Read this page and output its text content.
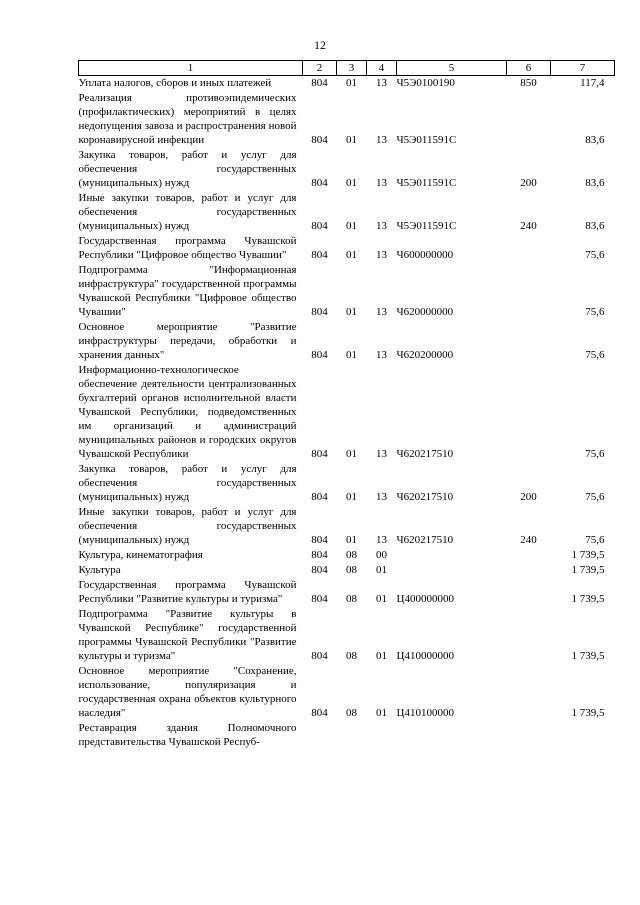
12
1	2	3	4	5	6	7
Уплата налогов, сборов и иных платежей	804	01	13	Ч5Э0100190	850	117,4
Реализация противоэпидемических (профилактических) мероприятий в целях недопущения завоза и распространения новой коронавирусной инфекции	804	01	13	Ч5Э011591С		83,6
Закупка товаров, работ и услуг для обеспечения государственных (муниципальных) нужд	804	01	13	Ч5Э011591С	200	83,6
Иные закупки товаров, работ и услуг для обеспечения государственных (муниципальных) нужд	804	01	13	Ч5Э011591С	240	83,6
Государственная программа Чувашской Республики "Цифровое общество Чувашии"	804	01	13	Ч600000000		75,6
Подпрограмма "Информационная инфраструктура" государственной программы Чувашской Республики "Цифровое общество Чувашии"	804	01	13	Ч620000000		75,6
Основное мероприятие "Развитие инфраструктуры передачи, обработки и хранения данных"	804	01	13	Ч620200000		75,6
Информационно-технологическое обеспечение деятельности централизованных бухгалтерий органов исполнительной власти Чувашской Республики, подведомственных им организаций и администраций муниципальных районов и городских округов Чувашской Республики	804	01	13	Ч620217510		75,6
Закупка товаров, работ и услуг для обеспечения государственных (муниципальных) нужд	804	01	13	Ч620217510	200	75,6
Иные закупки товаров, работ и услуг для обеспечения государственных (муниципальных) нужд	804	01	13	Ч620217510	240	75,6
Культура, кинематография	804	08	00			1 739,5
Культура	804	08	01			1 739,5
Государственная программа Чувашской Республики "Развитие культуры и туризма"	804	08	01	Ц400000000		1 739,5
Подпрограмма "Развитие культуры в Чувашской Республике" государственной программы Чувашской Республики "Развитие культуры и туризма"	804	08	01	Ц410000000		1 739,5
Основное мероприятие "Сохранение, использование, популяризация и государственная охрана объектов культурного наследия"	804	08	01	Ц410100000		1 739,5
Реставрация здания Полномочного представительства Чувашской Респуб-						
